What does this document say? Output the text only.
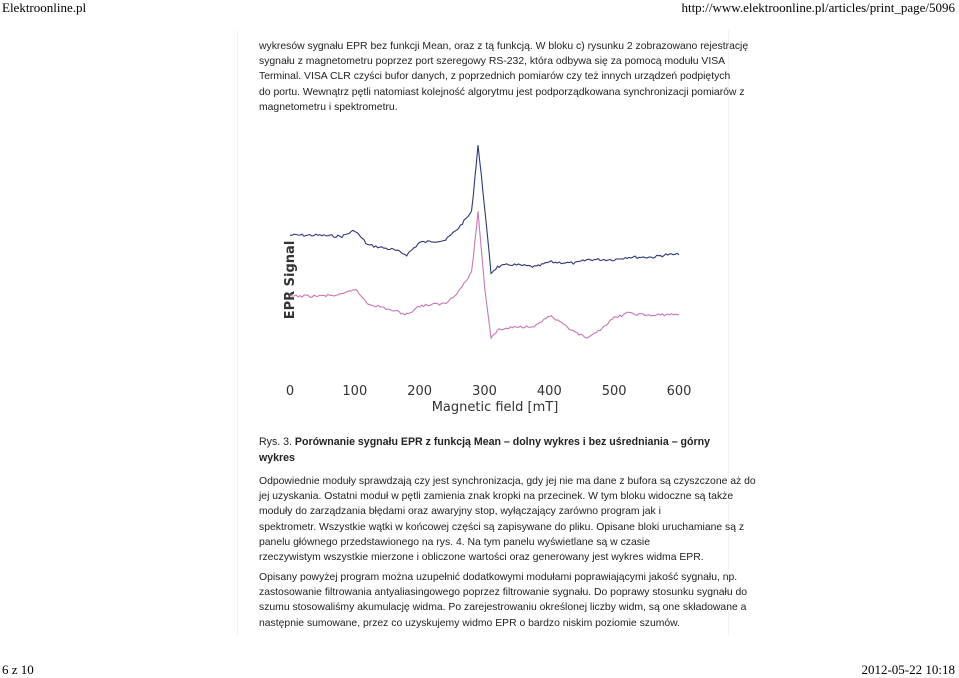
Elektroonline.pl	http://www.elektroonline.pl/articles/print_page/5096
wykresów sygnału EPR bez funkcji Mean, oraz z tą funkcją. W bloku c) rysunku 2 zobrazowano rejestrację
sygnału z magnetometru poprzez port szeregowy RS-232, która odbywa się za pomocą modułu VISA
Terminal. VISA CLR czyści bufor danych, z poprzednich pomiarów czy też innych urządzeń podpiętych
do portu. Wewnątrz pętli natomiast kolejność algorytmu jest podporządkowana synchronizacji pomiarów z
magnetometru i spektrometru.
Rys. 3. Porównanie sygnału EPR z funkcją Mean – dolny wykres i bez uśredniania – górny
wykres
Odpowiednie moduły sprawdzają czy jest synchronizacja, gdy jej nie ma dane z bufora są czyszczone aż do
jej uzyskania. Ostatni moduł w pętli zamienia znak kropki na przecinek. W tym bloku widoczne są także
moduły do zarządzania błędami oraz awaryjny stop, wyłączający zarówno program jak i
spektrometr. Wszystkie wątki w końcowej części są zapisywane do pliku. Opisane bloki uruchamiane są z
panelu głównego przedstawionego na rys. 4. Na tym panelu wyświetlane są w czasie
rzeczywistym wszystkie mierzone i obliczone wartości oraz generowany jest wykres widma EPR.
Opisany powyżej program można uzupełnić dodatkowymi modułami poprawiającymi jakość sygnału, np.
zastosowanie filtrowania antyaliasingowego poprzez filtrowanie sygnału. Do poprawy stosunku sygnału do
szumu stosowaliśmy akumulację widma. Po zarejestrowaniu określonej liczby widm, są one składowane a
następnie sumowane, przez co uzyskujemy widmo EPR o bardzo niskim poziomie szumów.
EPR Signal
0	100	200	300	400	500	600
Magnetic field [mT]
6 z 10	2012-05-22 10:18
